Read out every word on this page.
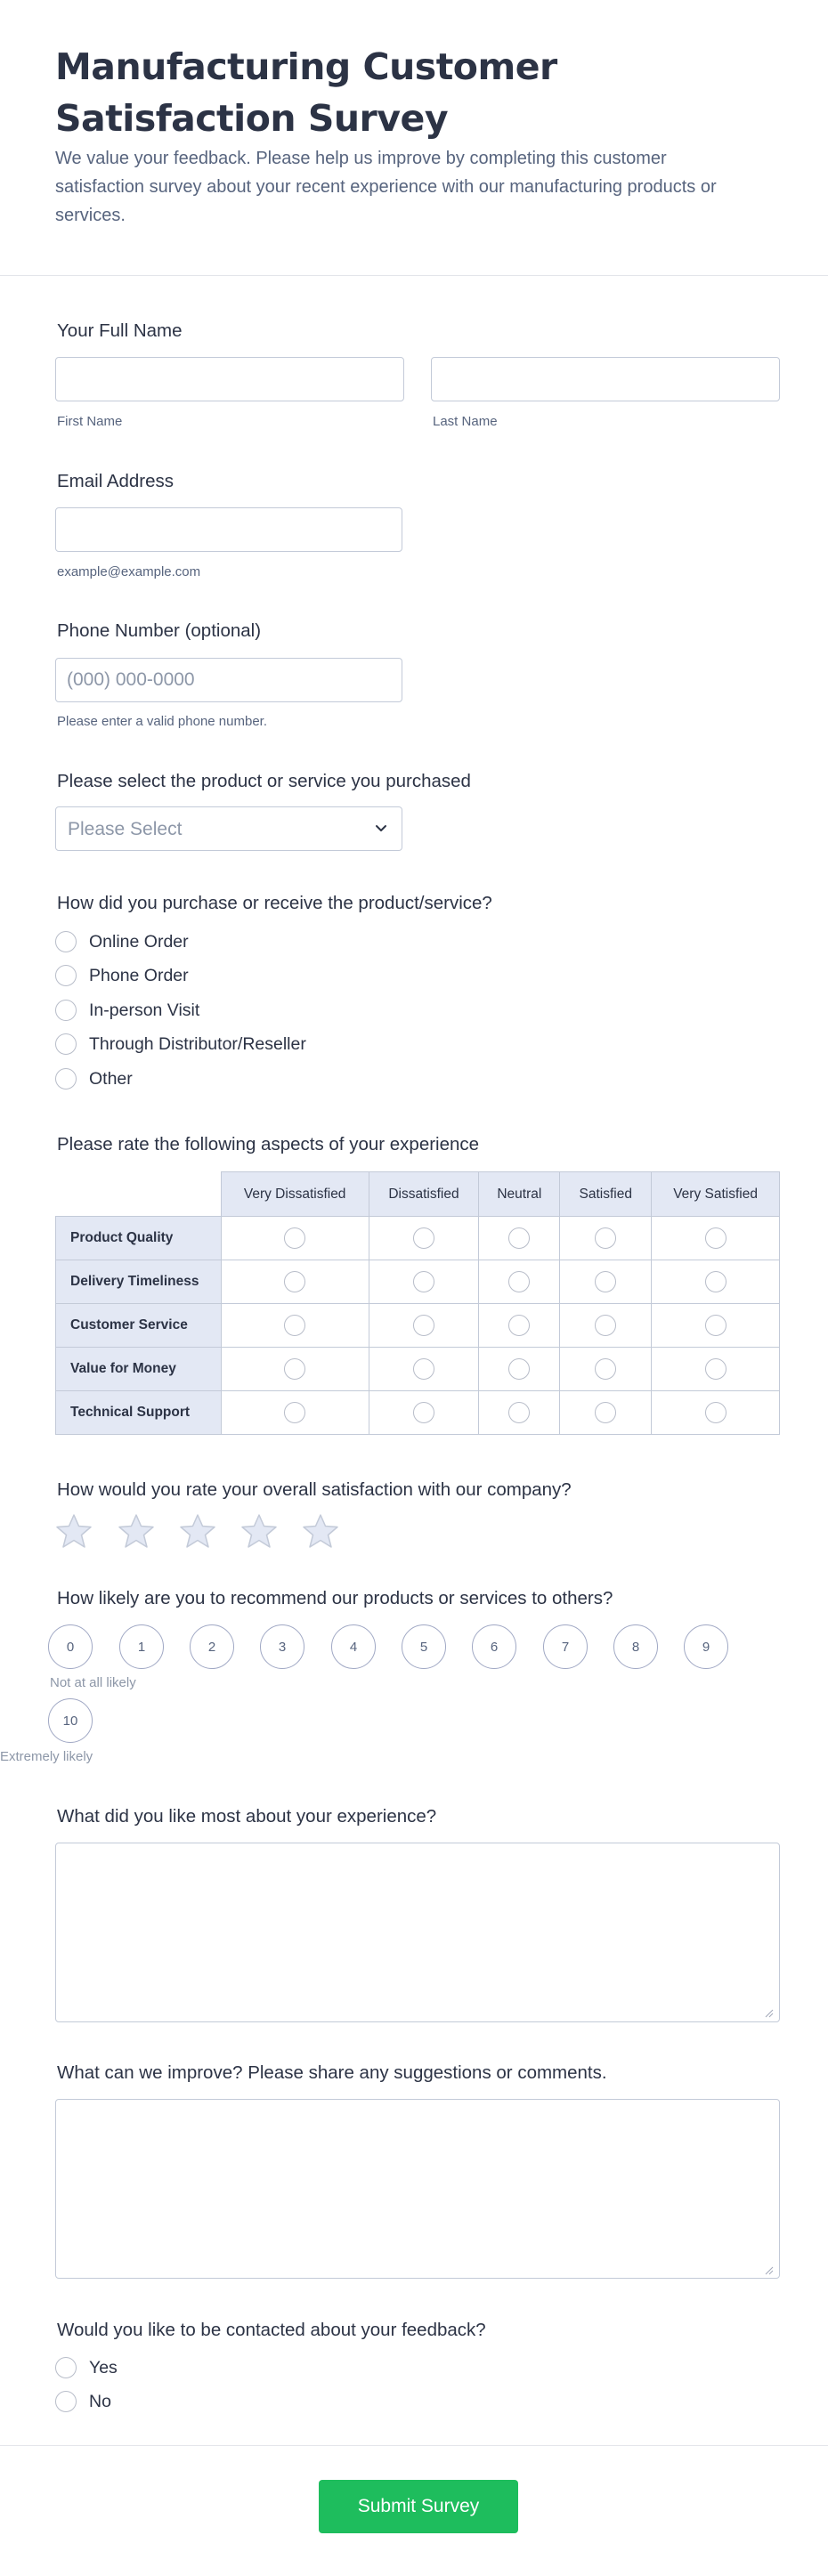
Manufacturing Customer Satisfaction Survey

We value your feedback. Please help us improve by completing this customer satisfaction survey about your recent experience with our manufacturing products or services.

Your Full Name
First Name	Last Name
Email Address
example@example.com
Phone Number (optional)
(000) 000-0000
Please enter a valid phone number.
Please select the product or service you purchased
Please Select
How did you purchase or receive the product/service?
Online Order
Phone Order
In-person Visit
Through Distributor/Reseller
Other
Please rate the following aspects of your experience
	Very Dissatisfied	Dissatisfied	Neutral	Satisfied	Very Satisfied
Product Quality					
Delivery Timeliness					
Customer Service					
Value for Money					
Technical Support					
How would you rate your overall satisfaction with our company?
How likely are you to recommend our products or services to others?
0	1	2	3	4	5	6	7	8	9
Not at all likely
10
Extremely likely
What did you like most about your experience?
What can we improve? Please share any suggestions or comments.
Would you like to be contacted about your feedback?
Yes
No
Submit Survey
